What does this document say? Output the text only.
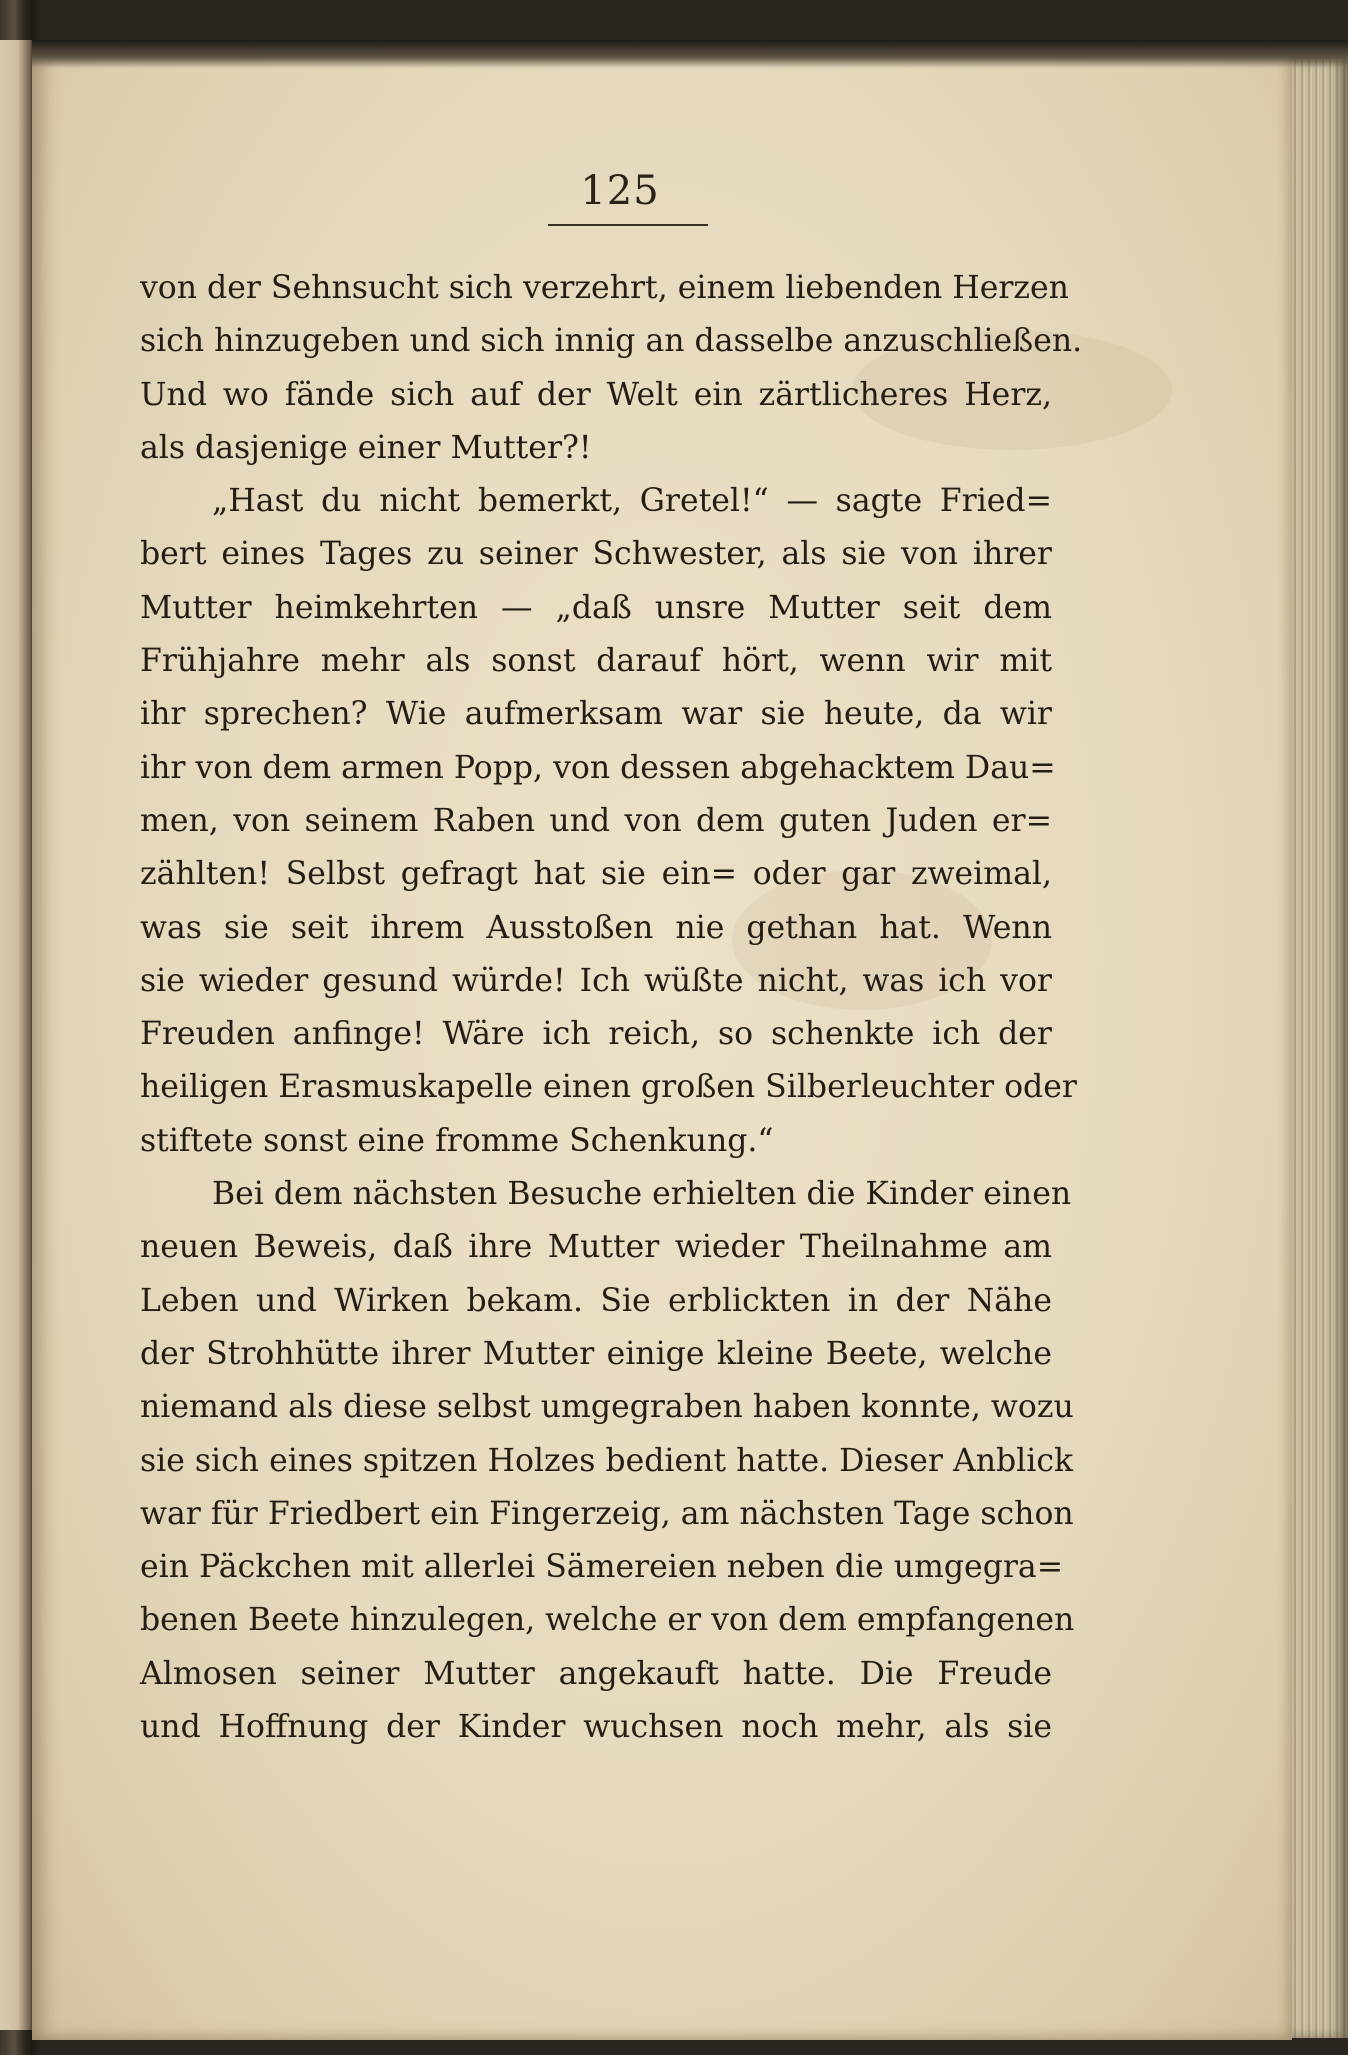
125
von der Sehnsucht sich verzehrt, einem liebenden Herzen
sich hinzugeben und sich innig an dasselbe anzuschließen.
Und wo fände sich auf der Welt ein zärtlicheres Herz,
als dasjenige einer Mutter?!
„Hast du nicht bemerkt, Gretel!“ — sagte Fried=
bert eines Tages zu seiner Schwester, als sie von ihrer
Mutter heimkehrten — „daß unsre Mutter seit dem
Frühjahre mehr als sonst darauf hört, wenn wir mit
ihr sprechen? Wie aufmerksam war sie heute, da wir
ihr von dem armen Popp, von dessen abgehacktem Dau=
men, von seinem Raben und von dem guten Juden er=
zählten! Selbst gefragt hat sie ein= oder gar zweimal,
was sie seit ihrem Ausstoßen nie gethan hat. Wenn
sie wieder gesund würde! Ich wüßte nicht, was ich vor
Freuden anfinge! Wäre ich reich, so schenkte ich der
heiligen Erasmuskapelle einen großen Silberleuchter oder
stiftete sonst eine fromme Schenkung.“
Bei dem nächsten Besuche erhielten die Kinder einen
neuen Beweis, daß ihre Mutter wieder Theilnahme am
Leben und Wirken bekam. Sie erblickten in der Nähe
der Strohhütte ihrer Mutter einige kleine Beete, welche
niemand als diese selbst umgegraben haben konnte, wozu
sie sich eines spitzen Holzes bedient hatte. Dieser Anblick
war für Friedbert ein Fingerzeig, am nächsten Tage schon
ein Päckchen mit allerlei Sämereien neben die umgegra=
benen Beete hinzulegen, welche er von dem empfangenen
Almosen seiner Mutter angekauft hatte. Die Freude
und Hoffnung der Kinder wuchsen noch mehr, als sie
